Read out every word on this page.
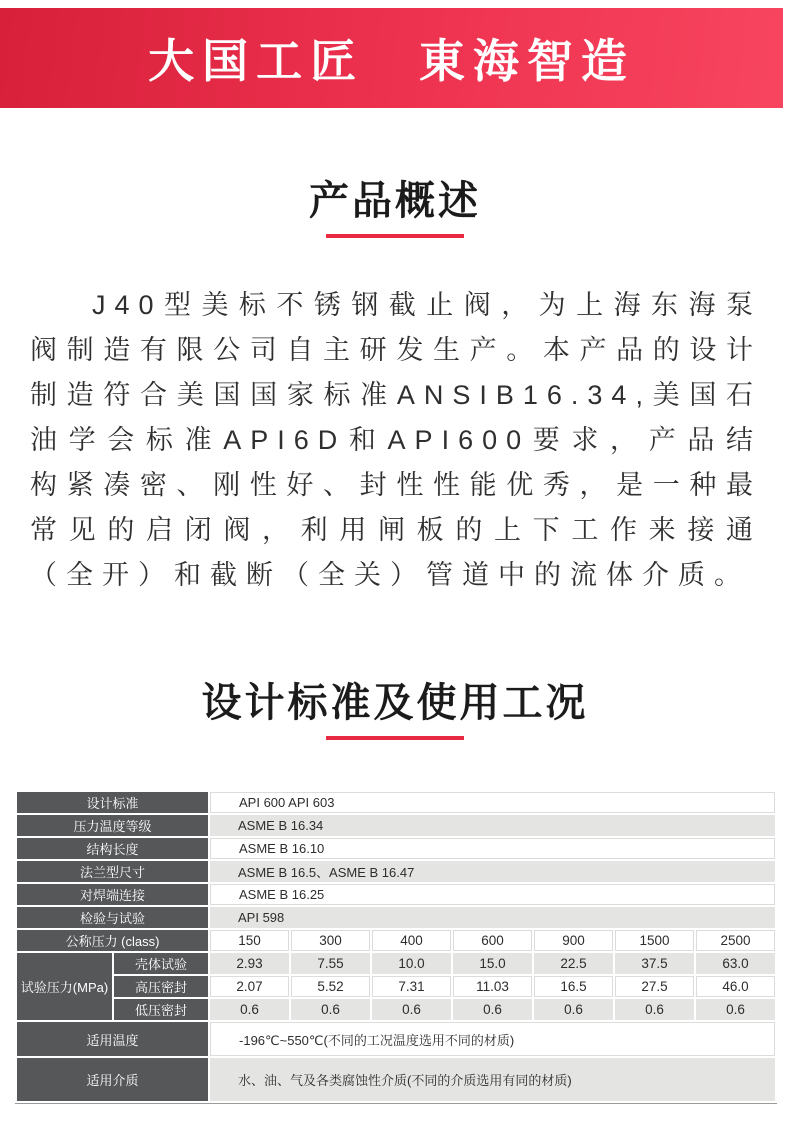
大国工匠 東海智造
产品概述

J40型美标不锈钢截止阀，为上海东海泵阀制造有限公司自主研发生产。本产品的设计制造符合美国国家标准ANSIB16.34,美国石油学会标准API6D和API600要求，产品结构紧凑密、刚性好、封性性能优秀，是一种最常见的启闭阀，利用闸板的上下工作来接通（全开）和截断（全关）管道中的流体介质。

设计标准及使用工况
设计标准		API 600 API 603						
压力温度等级		ASME B 16.34						
结构长度		ASME B 16.10						
法兰型尺寸		ASME B 16.5、ASME B 16.47						
对焊端连接		ASME B 16.25						
检验与试验		API 598						
公称压力 (class)		150	300	400	600	900	1500	2500
试验压力(MPa)	壳体试验	2.93	7.55	10.0	15.0	22.5	37.5	63.0
	高压密封	2.07	5.52	7.31	11.03	16.5	27.5	46.0
	低压密封	0.6	0.6	0.6	0.6	0.6	0.6	0.6
适用温度		-196℃~550℃(不同的工况温度选用不同的材质)						
适用介质		水、油、气及各类腐蚀性介质(不同的介质选用有同的材质)						
